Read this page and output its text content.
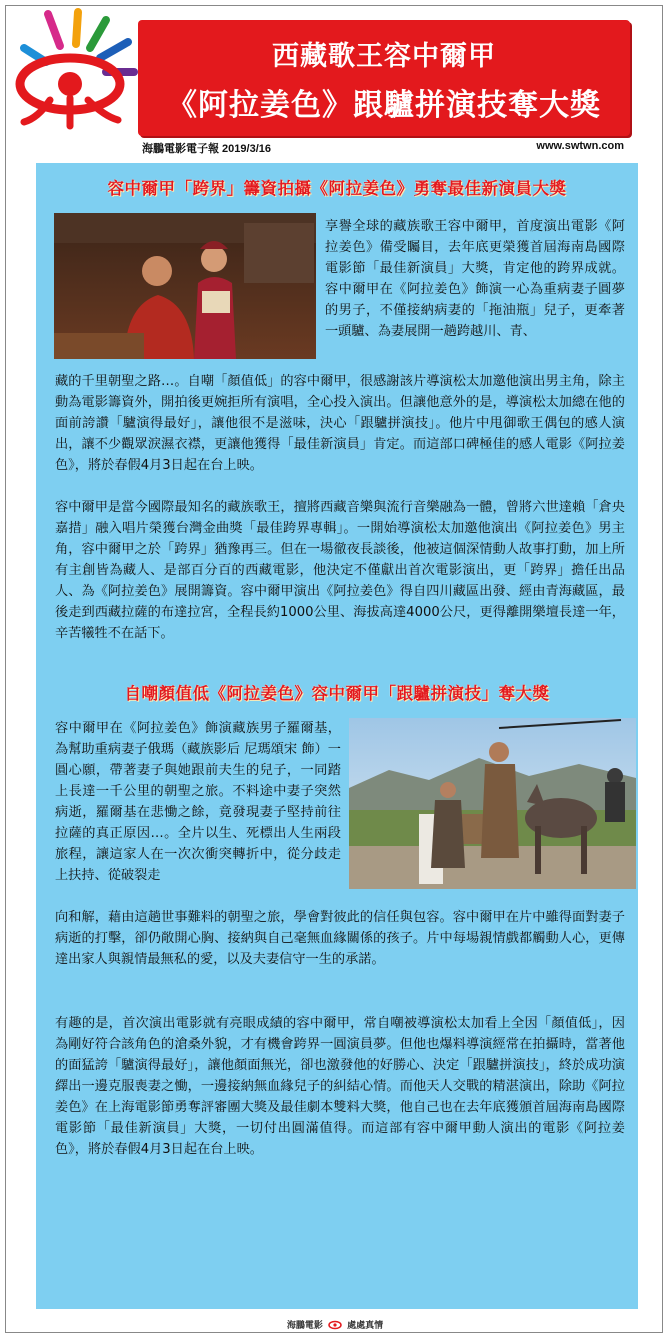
西藏歌王容中爾甲
《阿拉姜色》跟驢拼演技奪大獎
海鵬電影電子報 2019/3/16	www.swtwn.com
容中爾甲「跨界」籌資拍攝《阿拉姜色》勇奪最佳新演員大獎
自嘲顏值低《阿拉姜色》容中爾甲「跟驢拼演技」奪大獎
享譽全球的藏族歌王容中爾甲，首度演出電影《阿拉姜色》備受矚目，去年底更榮獲首屆海南島國際電影節「最佳新演員」大獎，肯定他的跨界成就。容中爾甲在《阿拉姜色》飾演一心為重病妻子圓夢的男子，不僅接納病妻的「拖油瓶」兒子，更牽著一頭驢、為妻展開一趟跨越川、青、
藏的千里朝聖之路…。自嘲「顏值低」的容中爾甲，很感謝該片導演松太加邀他演出男主角，除主動為電影籌資外，開拍後更婉拒所有演唱，全心投入演出。但讓他意外的是，導演松太加總在他的面前誇讚「驢演得最好」，讓他很不是滋味，決心「跟驢拼演技」。他片中甩御歌王偶包的感人演出，讓不少觀眾淚濕衣襟，更讓他獲得「最佳新演員」肯定。而這部口碑極佳的感人電影《阿拉姜色》，將於春假4月3日起在台上映。
容中爾甲是當今國際最知名的藏族歌王，擅將西藏音樂與流行音樂融為一體，曾將六世達賴「倉央嘉措」融入唱片榮獲台灣金曲獎「最佳跨界專輯」。一開始導演松太加邀他演出《阿拉姜色》男主角，容中爾甲之於「跨界」猶豫再三。但在一場徹夜長談後，他被這個深情動人故事打動，加上所有主創皆為藏人、是部百分百的西藏電影，他決定不僅獻出首次電影演出，更「跨界」擔任出品人、為《阿拉姜色》展開籌資。容中爾甲演出《阿拉姜色》得自四川藏區出發、經由青海藏區，最後走到西藏拉薩的布達拉宮，全程長約1000公里、海拔高達4000公尺，更得離開樂壇長達一年，辛苦犧牲不在話下。
容中爾甲在《阿拉姜色》飾演藏族男子羅爾基，為幫助重病妻子俄瑪（藏族影后 尼瑪頌宋 飾）一圓心願，帶著妻子與她跟前夫生的兒子，一同踏上長達一千公里的朝聖之旅。不料途中妻子突然病逝，羅爾基在悲慟之餘，竟發現妻子堅持前往拉薩的真正原因…。全片以生、死標出人生兩段旅程，讓這家人在一次次衝突轉折中，從分歧走上扶持、從破裂走
向和解，藉由這趟世事難料的朝聖之旅，學會對彼此的信任與包容。容中爾甲在片中雖得面對妻子病逝的打擊，卻仍敞開心胸、接納與自己毫無血緣關係的孩子。片中每場親情戲都觸動人心，更傳達出家人與親情最無私的愛，以及夫妻信守一生的承諾。
有趣的是，首次演出電影就有亮眼成績的容中爾甲，常自嘲被導演松太加看上全因「顏值低」，因為剛好符合該角色的滄桑外貌，才有機會跨界一圓演員夢。但他也爆料導演經常在拍攝時，當著他的面猛誇「驢演得最好」，讓他顏面無光，卻也激發他的好勝心、決定「跟驢拼演技」，終於成功演繹出一邊克服喪妻之慟，一邊接納無血緣兒子的糾結心情。而他天人交戰的精湛演出，除助《阿拉姜色》在上海電影節勇奪評審團大獎及最佳劇本雙料大獎，他自己也在去年底獲頒首屆海南島國際電影節「最佳新演員」大獎，一切付出圓滿值得。而這部有容中爾甲動人演出的電影《阿拉姜色》，將於春假4月3日起在台上映。
海鵬電影	處處真情
